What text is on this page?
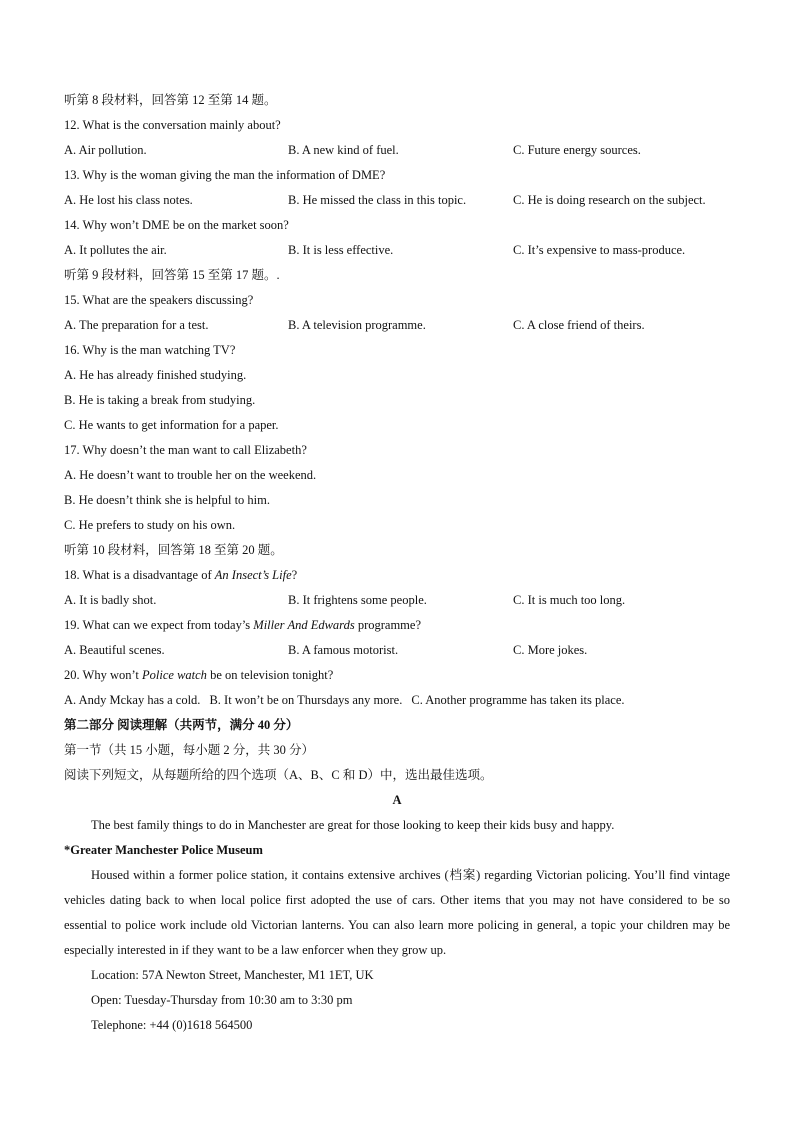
听第 8 段材料，回答第 12 至第 14 题。
12. What is the conversation mainly about?
A. Air pollution.	B. A new kind of fuel.	C. Future energy sources.
13. Why is the woman giving the man the information of DME?
A. He lost his class notes.	B. He missed the class in this topic.	C. He is doing research on the subject.
14. Why won’t DME be on the market soon?
A. It pollutes the air.	B. It is less effective.	C. It’s expensive to mass-produce.
听第 9 段材料，回答第 15 至第 17 题。.
15. What are the speakers discussing?
A. The preparation for a test.	B. A television programme.	C. A close friend of theirs.
16. Why is the man watching TV?
A. He has already finished studying.
B. He is taking a break from studying.
C. He wants to get information for a paper.
17. Why doesn’t the man want to call Elizabeth?
A. He doesn’t want to trouble her on the weekend.
B. He doesn’t think she is helpful to him.
C. He prefers to study on his own.
听第 10 段材料，回答第 18 至第 20 题。
18. What is a disadvantage of An Insect’s Life?
A. It is badly shot.	B. It frightens some people.	C. It is much too long.
19. What can we expect from today’s Miller And Edwards programme?
A. Beautiful scenes.	B. A famous motorist.	C. More jokes.
20. Why won’t Police watch be on television tonight?
A. Andy Mckay has a cold. B. It won’t be on Thursdays any more. C. Another programme has taken its place.
第二部分 阅读理解（共两节，满分 40 分）
第一节（共 15 小题，每小题 2 分，共 30 分）
阅读下列短文，从每题所给的四个选项（A、B、C 和 D）中，选出最佳选项。
A
The best family things to do in Manchester are great for those looking to keep their kids busy and happy.
*Greater Manchester Police Museum
Housed within a former police station, it contains extensive archives (档案) regarding Victorian policing. You’ll find vintage vehicles dating back to when local police first adopted the use of cars. Other items that you may not have considered to be so essential to police work include old Victorian lanterns. You can also learn more policing in general, a topic your children may be especially interested in if they want to be a law enforcer when they grow up.
Location: 57A Newton Street, Manchester, M1 1ET, UK
Open: Tuesday-Thursday from 10:30 am to 3:30 pm
Telephone: +44 (0)1618 564500
